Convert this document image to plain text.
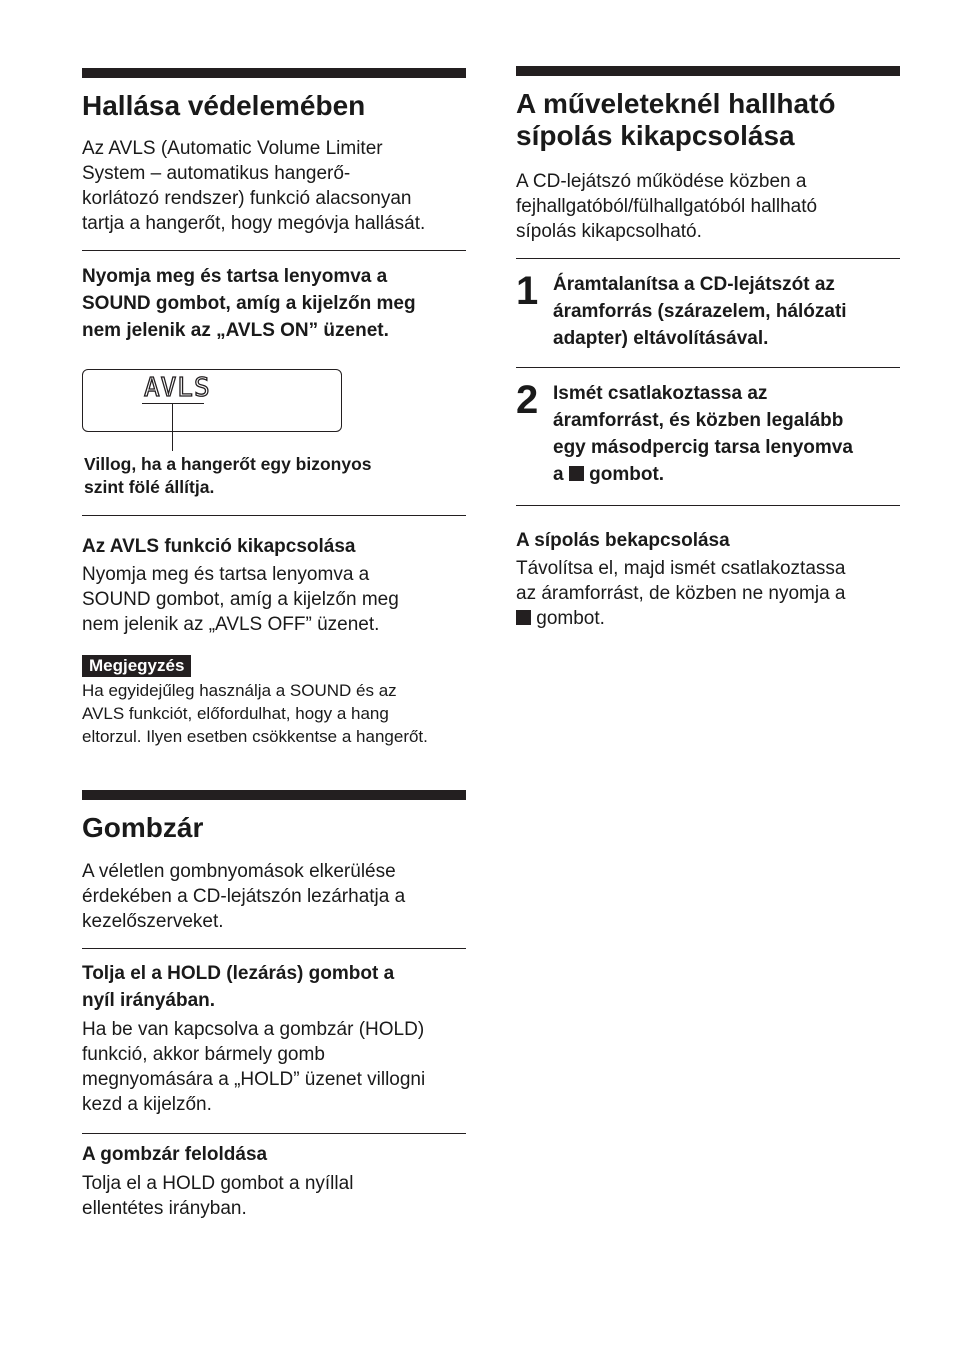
Hallása védelemében
Az AVLS (Automatic Volume Limiter
System – automatikus hangerő-
korlátozó rendszer) funkció alacsonyan
tartja a hangerőt, hogy megóvja hallását.
Nyomja meg és tartsa lenyomva a
SOUND gombot, amíg a kijelzőn meg
nem jelenik az „AVLS ON” üzenet.
AVLS
Villog, ha a hangerőt egy bizonyos
szint fölé állítja.
Az AVLS funkció kikapcsolása
Nyomja meg és tartsa lenyomva a
SOUND gombot, amíg a kijelzőn meg
nem jelenik az „AVLS OFF” üzenet.
Megjegyzés
Ha egyidejűleg használja a SOUND és az
AVLS funkciót, előfordulhat, hogy a hang
eltorzul. Ilyen esetben csökkentse a hangerőt.
Gombzár
A véletlen gombnyomások elkerülése
érdekében a CD-lejátszón lezárhatja a
kezelőszerveket.
Tolja el a HOLD (lezárás) gombot a
nyíl irányában.
Ha be van kapcsolva a gombzár (HOLD)
funkció, akkor bármely gomb
megnyomására a „HOLD” üzenet villogni
kezd a kijelzőn.
A gombzár feloldása
Tolja el a HOLD gombot a nyíllal
ellentétes irányban.
A műveleteknél hallható
sípolás kikapcsolása
A CD-lejátszó működése közben a
fejhallgatóból/fülhallgatóból hallható
sípolás kikapcsolható.
1 Áramtalanítsa a CD-lejátszót az
áramforrás (szárazelem, hálózati
adapter) eltávolításával.
2 Ismét csatlakoztassa az
áramforrást, és közben legalább
egy másodpercig tarsa lenyomva
a gombot.
A sípolás bekapcsolása
Távolítsa el, majd ismét csatlakoztassa
az áramforrást, de közben ne nyomja a
gombot.
